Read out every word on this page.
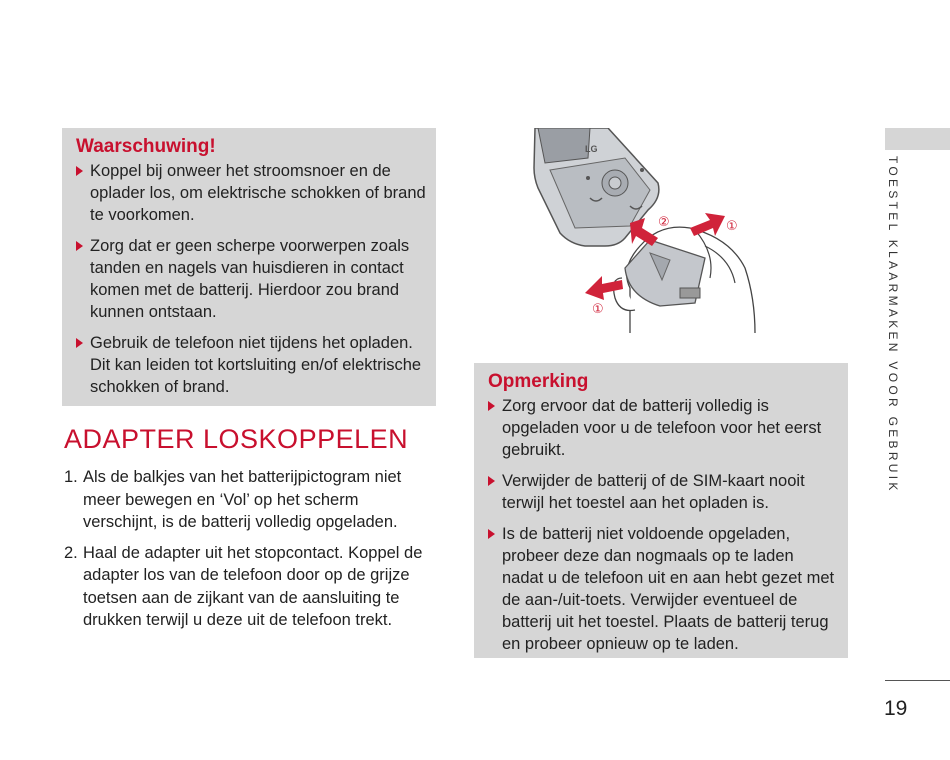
Waarschuwing!
Koppel bij onweer het stroomsnoer en de oplader los, om elektrische schokken of brand te voorkomen.
Zorg dat er geen scherpe voorwerpen zoals tanden en nagels van huisdieren in contact komen met de batterij. Hierdoor zou brand kunnen ontstaan.
Gebruik de telefoon niet tijdens het opladen. Dit kan leiden tot kortsluiting en/of elektrische schokken of brand.
ADAPTER LOSKOPPELEN
1. Als de balkjes van het batterijpictogram niet meer bewegen en ‘Vol’ op het scherm verschijnt, is de batterij volledig opgeladen.
2. Haal de adapter uit het stopcontact. Koppel de adapter los van de telefoon door op de grijze toetsen aan de zijkant van de aansluiting te drukken terwijl u deze uit de telefoon trekt.
LG
②	①
①
Opmerking
Zorg ervoor dat de batterij volledig is opgeladen voor u de telefoon voor het eerst gebruikt.
Verwijder de batterij of de SIM-kaart nooit terwijl het toestel aan het opladen is.
Is de batterij niet voldoende opgeladen, probeer deze dan nogmaals op te laden nadat u de telefoon uit en aan hebt gezet met de aan-/uit-toets. Verwijder eventueel de batterij uit het toestel. Plaats de batterij terug en probeer opnieuw op te laden.
TOESTEL KLAARMAKEN VOOR GEBRUIK
19
